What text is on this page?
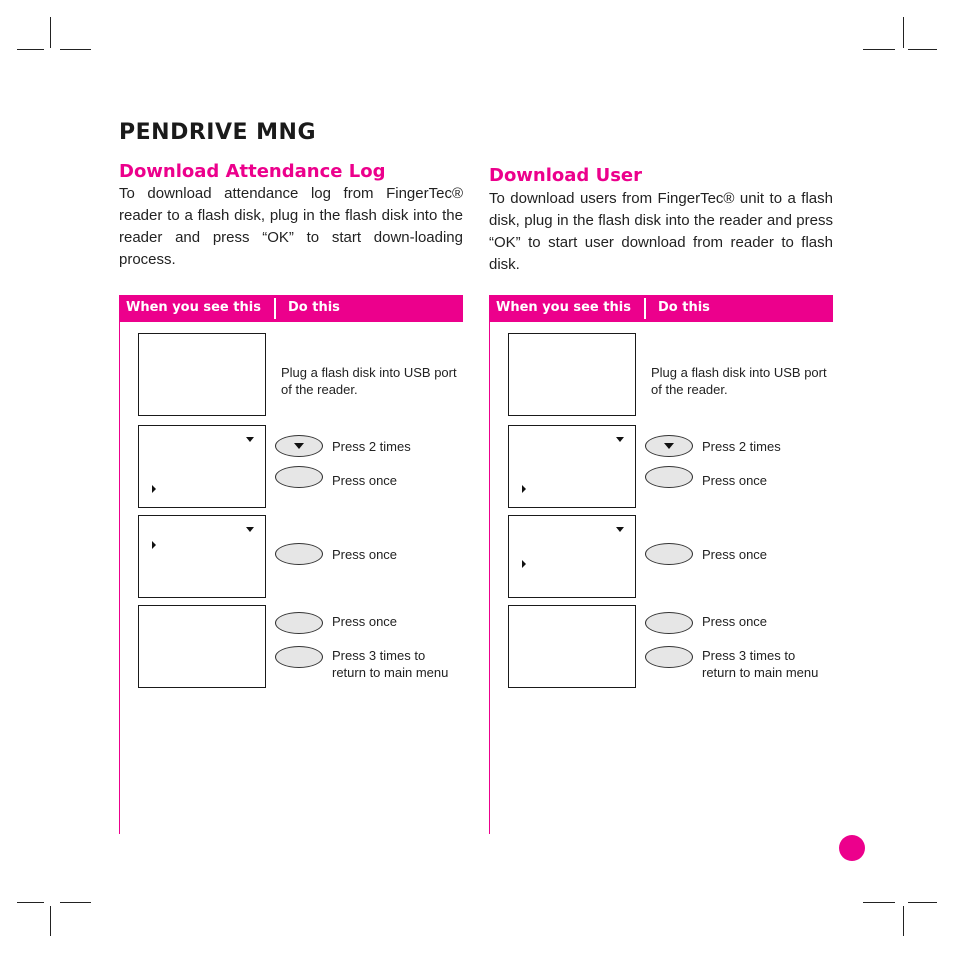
PENDRIVE MNG
Download Attendance Log

To download attendance log from FingerTec® reader to a flash disk, plug in the flash disk into the reader and press “OK” to start down-loading process.

When you see this Do this
Plug a flash disk into USB port of the reader.
Press 2 times
Press once
Press once
Press once
Press 3 times to return to main menu
Download User

To download users from FingerTec® unit to a flash disk, plug in the flash disk into the reader and press “OK” to start user download from reader to flash disk.

When you see this Do this
Plug a flash disk into USB port of the reader.
Press 2 times
Press once
Press once
Press once
Press 3 times to return to main menu
